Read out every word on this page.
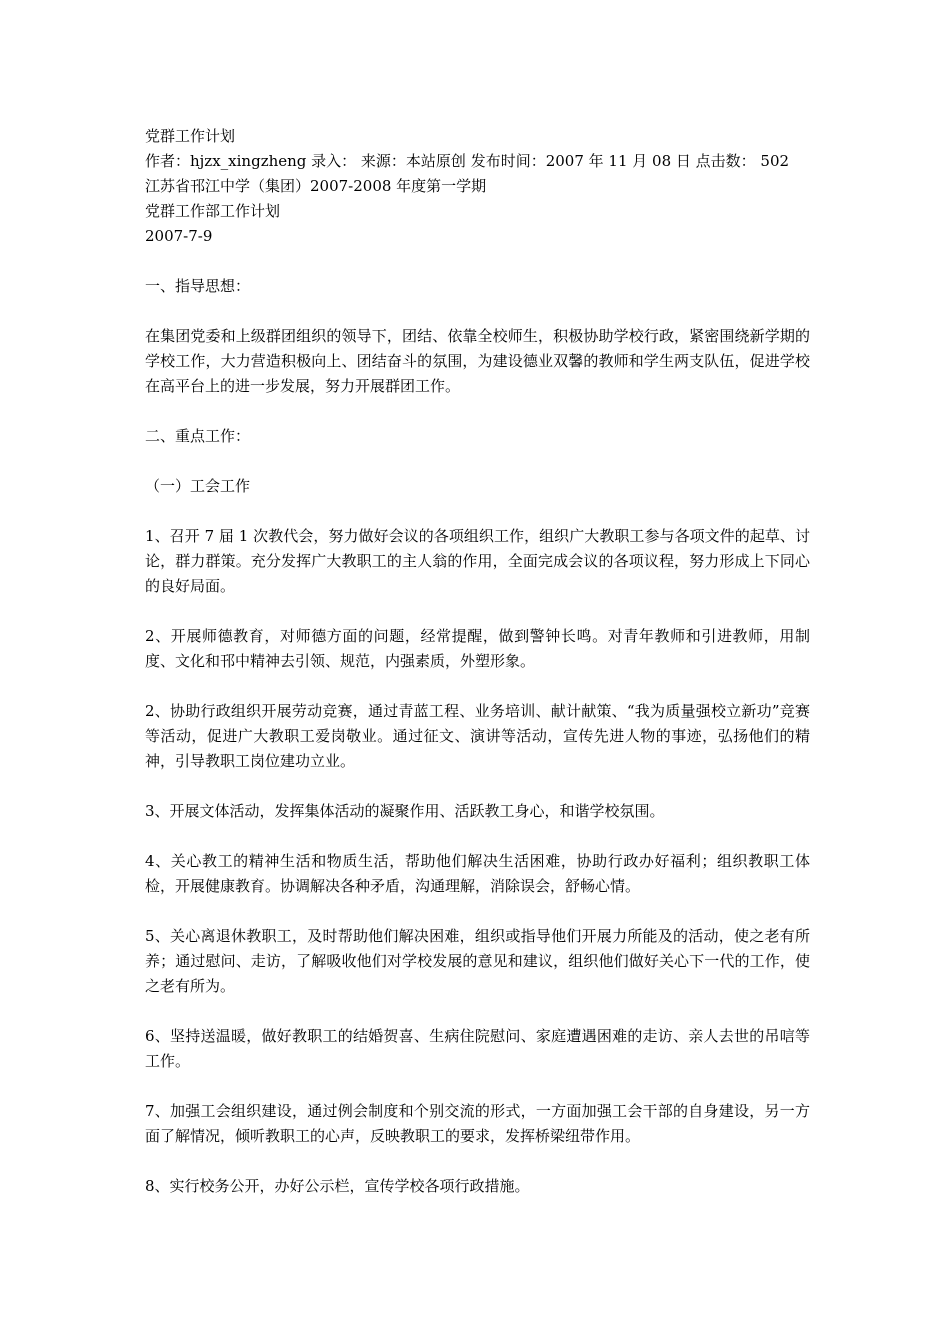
党群工作计划
作者：hjzx_xingzheng 录入： 来源：本站原创 发布时间：2007 年 11 月 08 日 点击数： 502
江苏省邗江中学（集团）2007-2008 年度第一学期
党群工作部工作计划
2007-7-9
一、指导思想：

在集团党委和上级群团组织的领导下，团结、依靠全校师生，积极协助学校行政，紧密围绕新学期的学校工作，大力营造积极向上、团结奋斗的氛围，为建设德业双馨的教师和学生两支队伍，促进学校在高平台上的进一步发展，努力开展群团工作。

二、重点工作：
（一）工会工作

1、召开 7 届 1 次教代会，努力做好会议的各项组织工作，组织广大教职工参与各项文件的起草、讨论，群力群策。充分发挥广大教职工的主人翁的作用，全面完成会议的各项议程，努力形成上下同心的良好局面。

2、开展师德教育，对师德方面的问题，经常提醒，做到警钟长鸣。对青年教师和引进教师，用制度、文化和邗中精神去引领、规范，内强素质，外塑形象。

2、协助行政组织开展劳动竞赛，通过青蓝工程、业务培训、献计献策、“我为质量强校立新功”竞赛等活动，促进广大教职工爱岗敬业。通过征文、演讲等活动，宣传先进人物的事迹，弘扬他们的精神，引导教职工岗位建功立业。

3、开展文体活动，发挥集体活动的凝聚作用、活跃教工身心，和谐学校氛围。

4、关心教工的精神生活和物质生活，帮助他们解决生活困难，协助行政办好福利；组织教职工体检，开展健康教育。协调解决各种矛盾，沟通理解，消除误会，舒畅心情。

5、关心离退休教职工，及时帮助他们解决困难，组织或指导他们开展力所能及的活动，使之老有所养；通过慰问、走访，了解吸收他们对学校发展的意见和建议，组织他们做好关心下一代的工作，使之老有所为。

6、坚持送温暖，做好教职工的结婚贺喜、生病住院慰问、家庭遭遇困难的走访、亲人去世的吊唁等工作。

7、加强工会组织建设，通过例会制度和个别交流的形式，一方面加强工会干部的自身建设，另一方面了解情况，倾听教职工的心声，反映教职工的要求，发挥桥梁纽带作用。

8、实行校务公开，办好公示栏，宣传学校各项行政措施。
